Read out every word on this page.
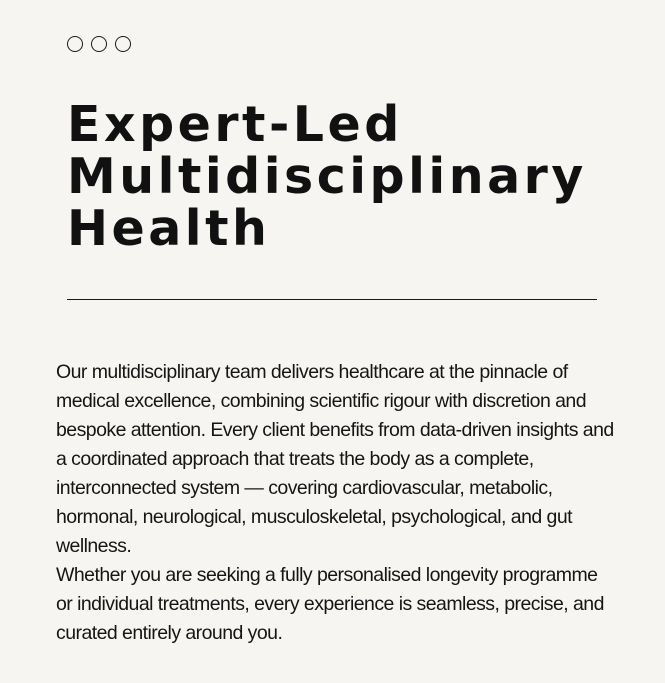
Expert-Led
Multidisciplinary
Health

Our multidisciplinary team delivers healthcare at the pinnacle of medical excellence, combining scientific rigour with discretion and bespoke attention. Every client benefits from data-driven insights and a coordinated approach that treats the body as a complete, interconnected system — covering cardiovascular, metabolic, hormonal, neurological, musculoskeletal, psychological, and gut wellness.

Whether you are seeking a fully personalised longevity programme or individual treatments, every experience is seamless, precise, and curated entirely around you.
